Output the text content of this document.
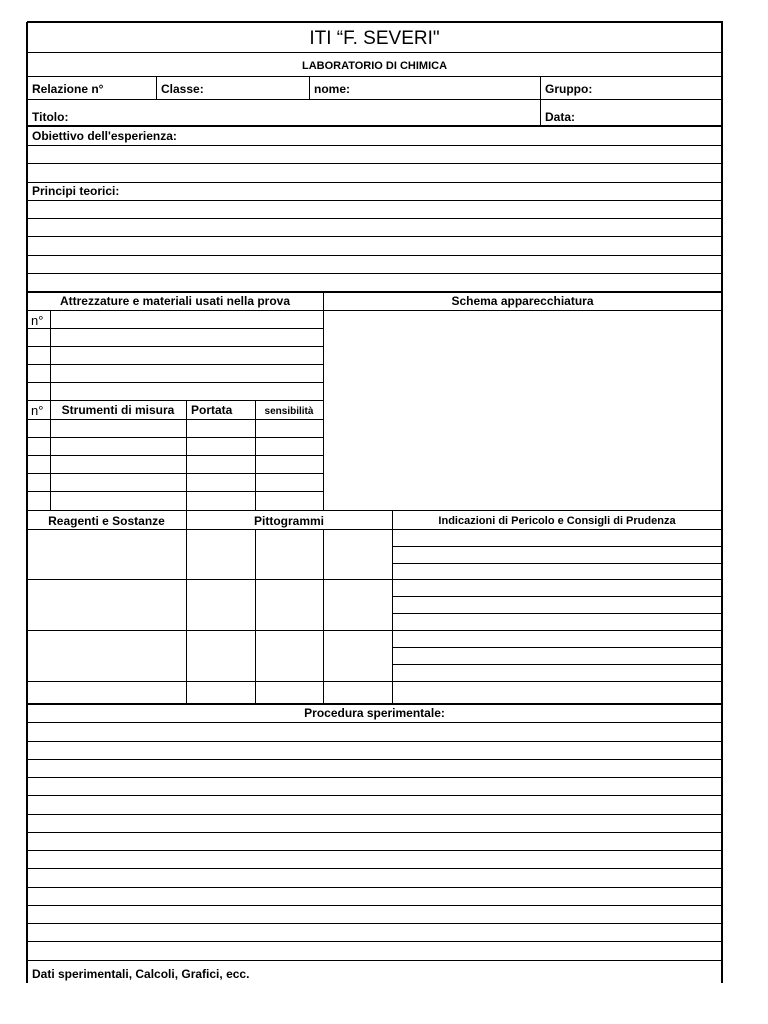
ITI “F. SEVERI"
LABORATORIO DI CHIMICA
Relazione n°	Classe:	nome:	Gruppo:
Titolo:	Data:
Obiettivo dell'esperienza:
Principi teorici:
Attrezzature e materiali usati nella prova	Schema apparecchiatura
n°
n°	Strumenti di misura	Portata	sensibilità
Reagenti e Sostanze	Pittogrammi	Indicazioni di Pericolo e Consigli di Prudenza
Procedura sperimentale:
Dati sperimentali, Calcoli, Grafici, ecc.
